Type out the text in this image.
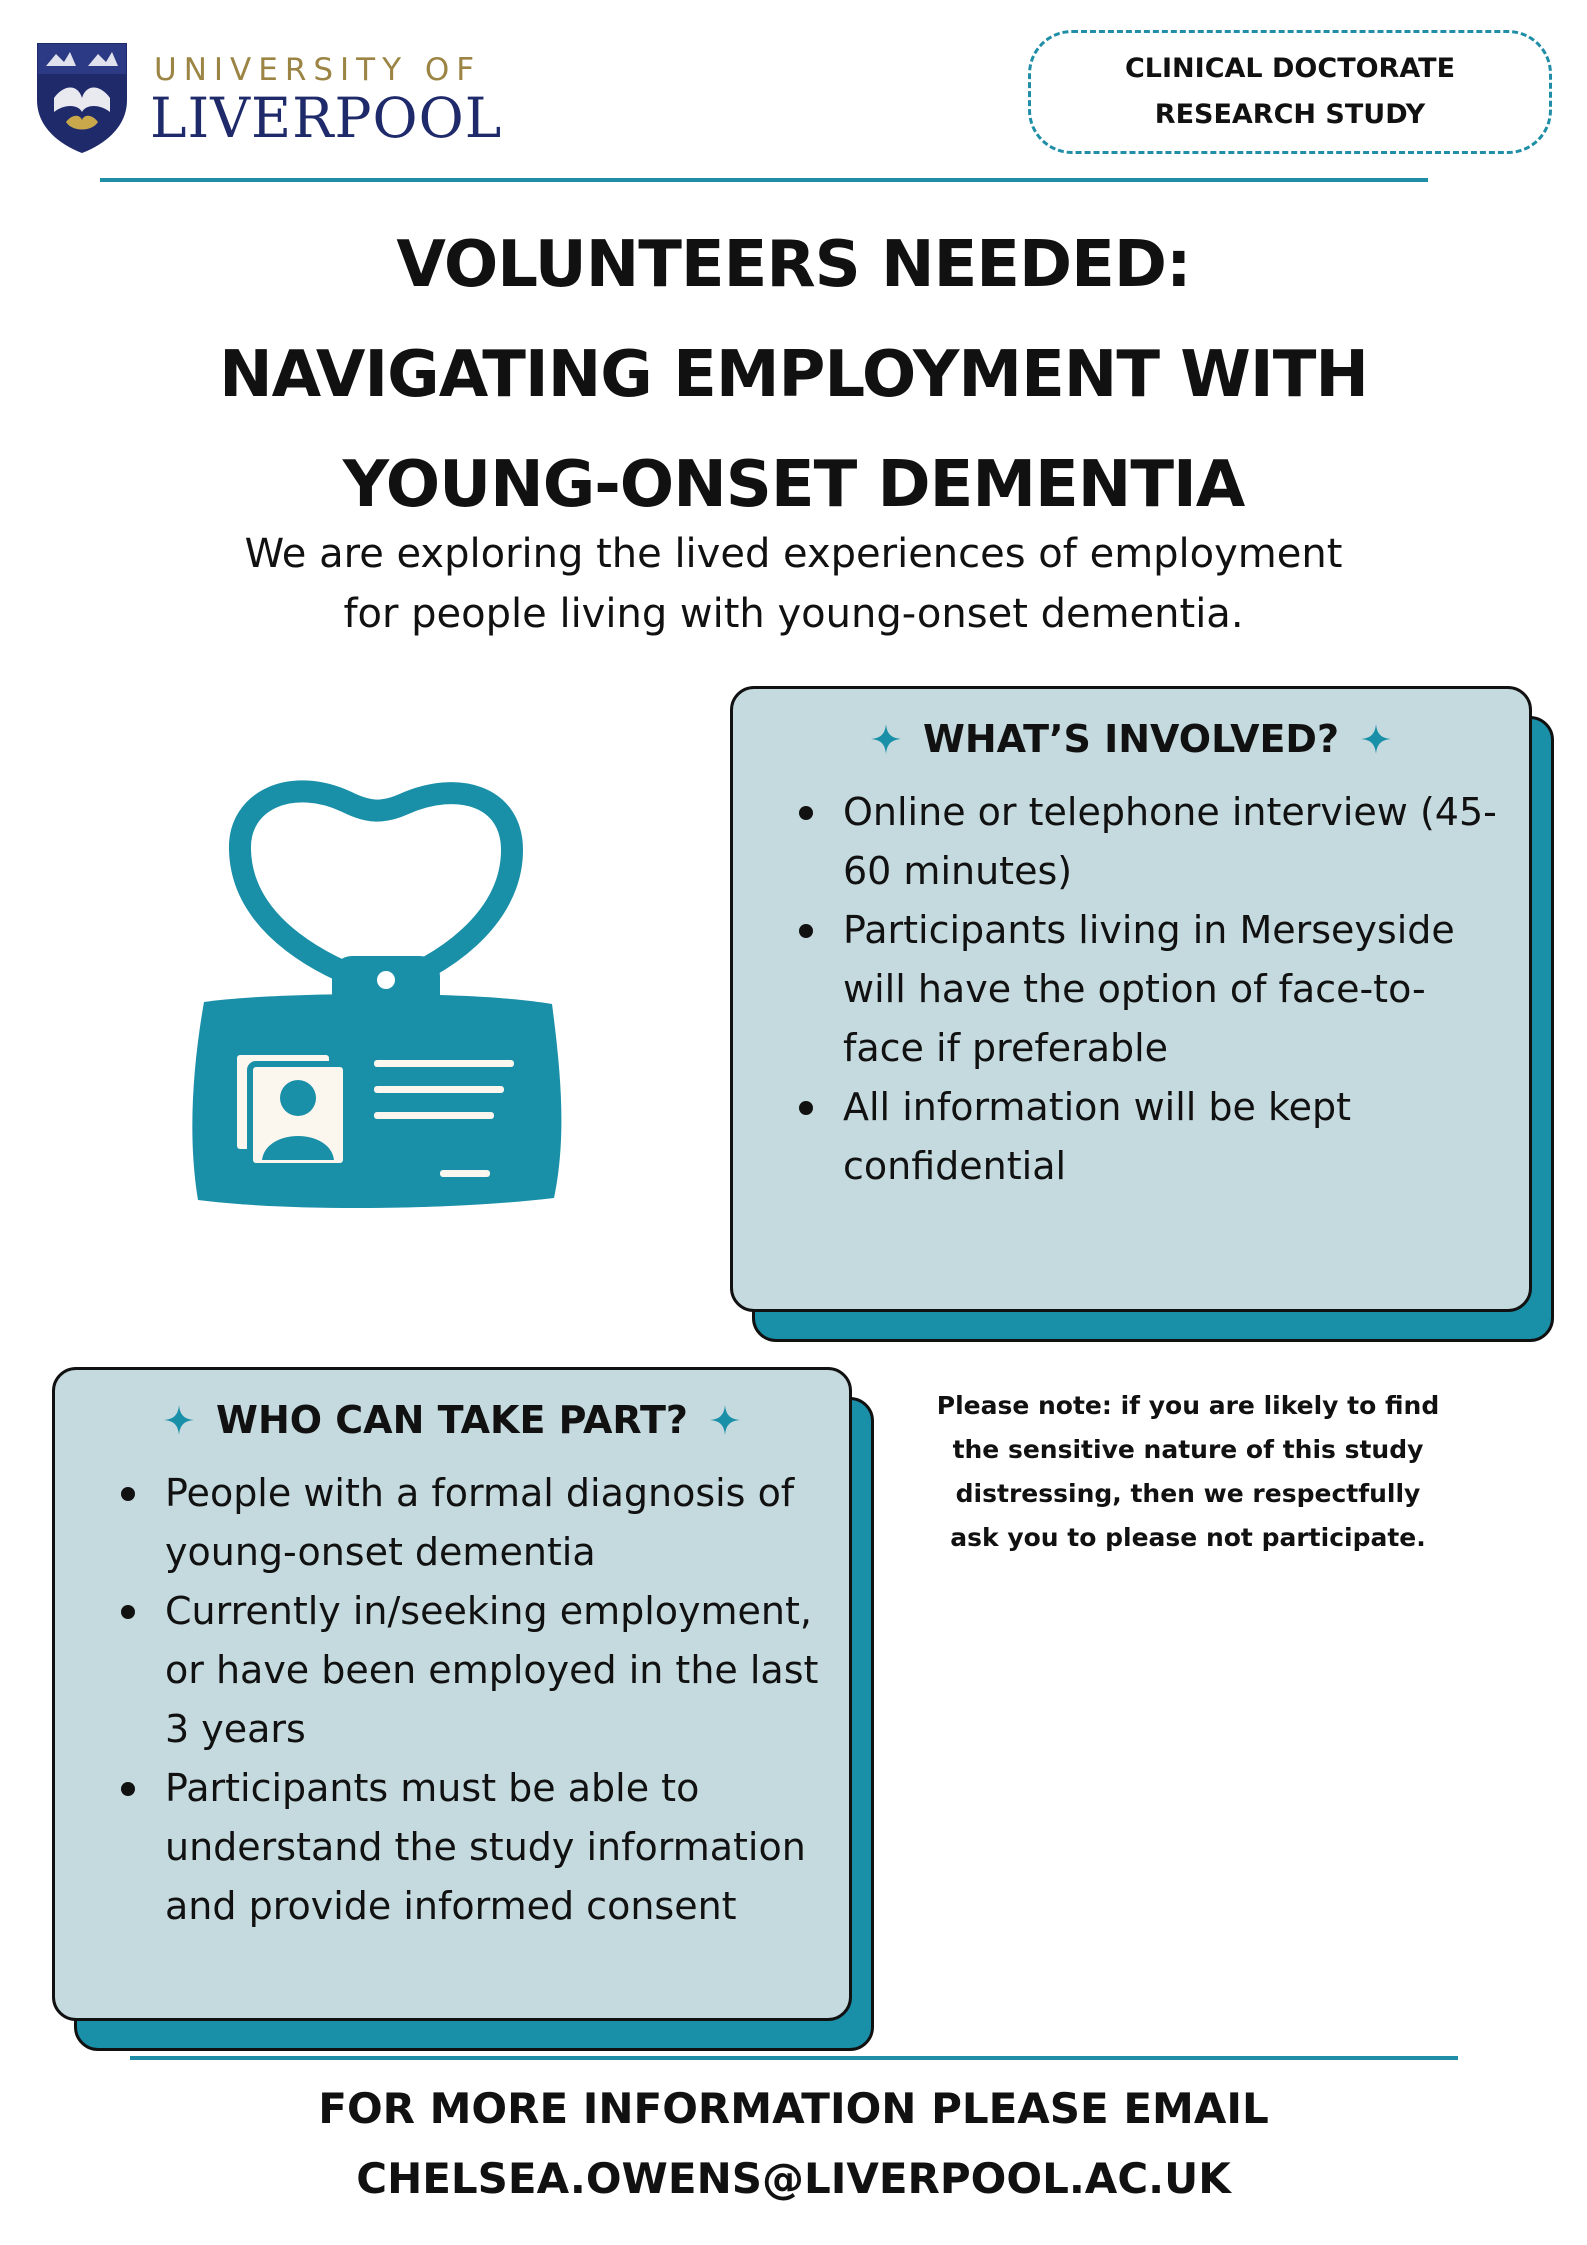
UNIVERSITY OF
LIVERPOOL
CLINICAL DOCTORATE
RESEARCH STUDY
VOLUNTEERS NEEDED:
NAVIGATING EMPLOYMENT WITH
YOUNG-ONSET DEMENTIA
We are exploring the lived experiences of employment
for people living with young-onset dementia.
WHAT’S INVOLVED?
Online or telephone interview (45-60 minutes)
Participants living in Merseyside will have the option of face-to-face if preferable
All information will be kept confidential
WHO CAN TAKE PART?
People with a formal diagnosis of young-onset dementia
Currently in/seeking employment, or have been employed in the last 3 years
Participants must be able to understand the study information and provide informed consent
Please note: if you are likely to find
the sensitive nature of this study
distressing, then we respectfully
ask you to please not participate.
FOR MORE INFORMATION PLEASE EMAIL
CHELSEA.OWENS@LIVERPOOL.AC.UK
